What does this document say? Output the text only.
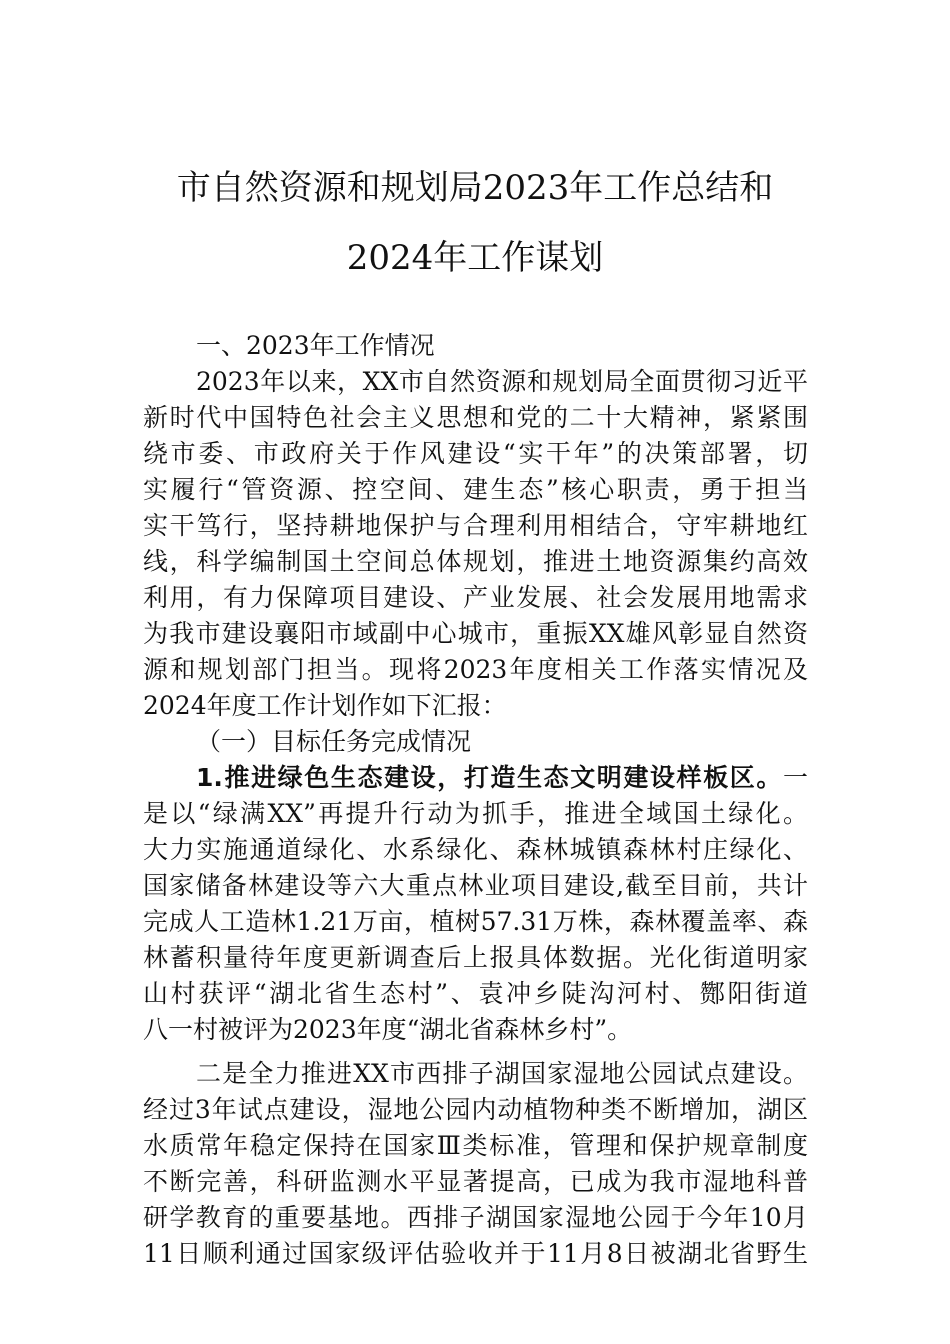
市自然资源和规划局2023年工作总结和
2024年工作谋划
一、2023年工作情况
2023年以来，XX市自然资源和规划局全面贯彻习近平
新时代中国特色社会主义思想和党的二十大精神，紧紧围
绕市委、市政府关于作风建设“实干年”的决策部署，切
实履行“管资源、控空间、建生态”核心职责，勇于担当
实干笃行，坚持耕地保护与合理利用相结合，守牢耕地红
线，科学编制国土空间总体规划，推进土地资源集约高效
利用，有力保障项目建设、产业发展、社会发展用地需求
为我市建设襄阳市域副中心城市，重振XX雄风彰显自然资
源和规划部门担当。现将2023年度相关工作落实情况及
2024年度工作计划作如下汇报：
（一）目标任务完成情况
1.推进绿色生态建设，打造生态文明建设样板区。一
是以“绿满XX”再提升行动为抓手，推进全域国土绿化。
大力实施通道绿化、水系绿化、森林城镇森林村庄绿化、
国家储备林建设等六大重点林业项目建设,截至目前，共计
完成人工造林1.21万亩，植树57.31万株，森林覆盖率、森
林蓄积量待年度更新调查后上报具体数据。光化街道明家
山村获评“湖北省生态村”、袁冲乡陡沟河村、酂阳街道
八一村被评为2023年度“湖北省森林乡村”。
二是全力推进XX市西排子湖国家湿地公园试点建设。
经过3年试点建设，湿地公园内动植物种类不断增加，湖区
水质常年稳定保持在国家Ⅲ类标准，管理和保护规章制度
不断完善，科研监测水平显著提高，已成为我市湿地科普
研学教育的重要基地。西排子湖国家湿地公园于今年10月
11日顺利通过国家级评估验收并于11月8日被湖北省野生
